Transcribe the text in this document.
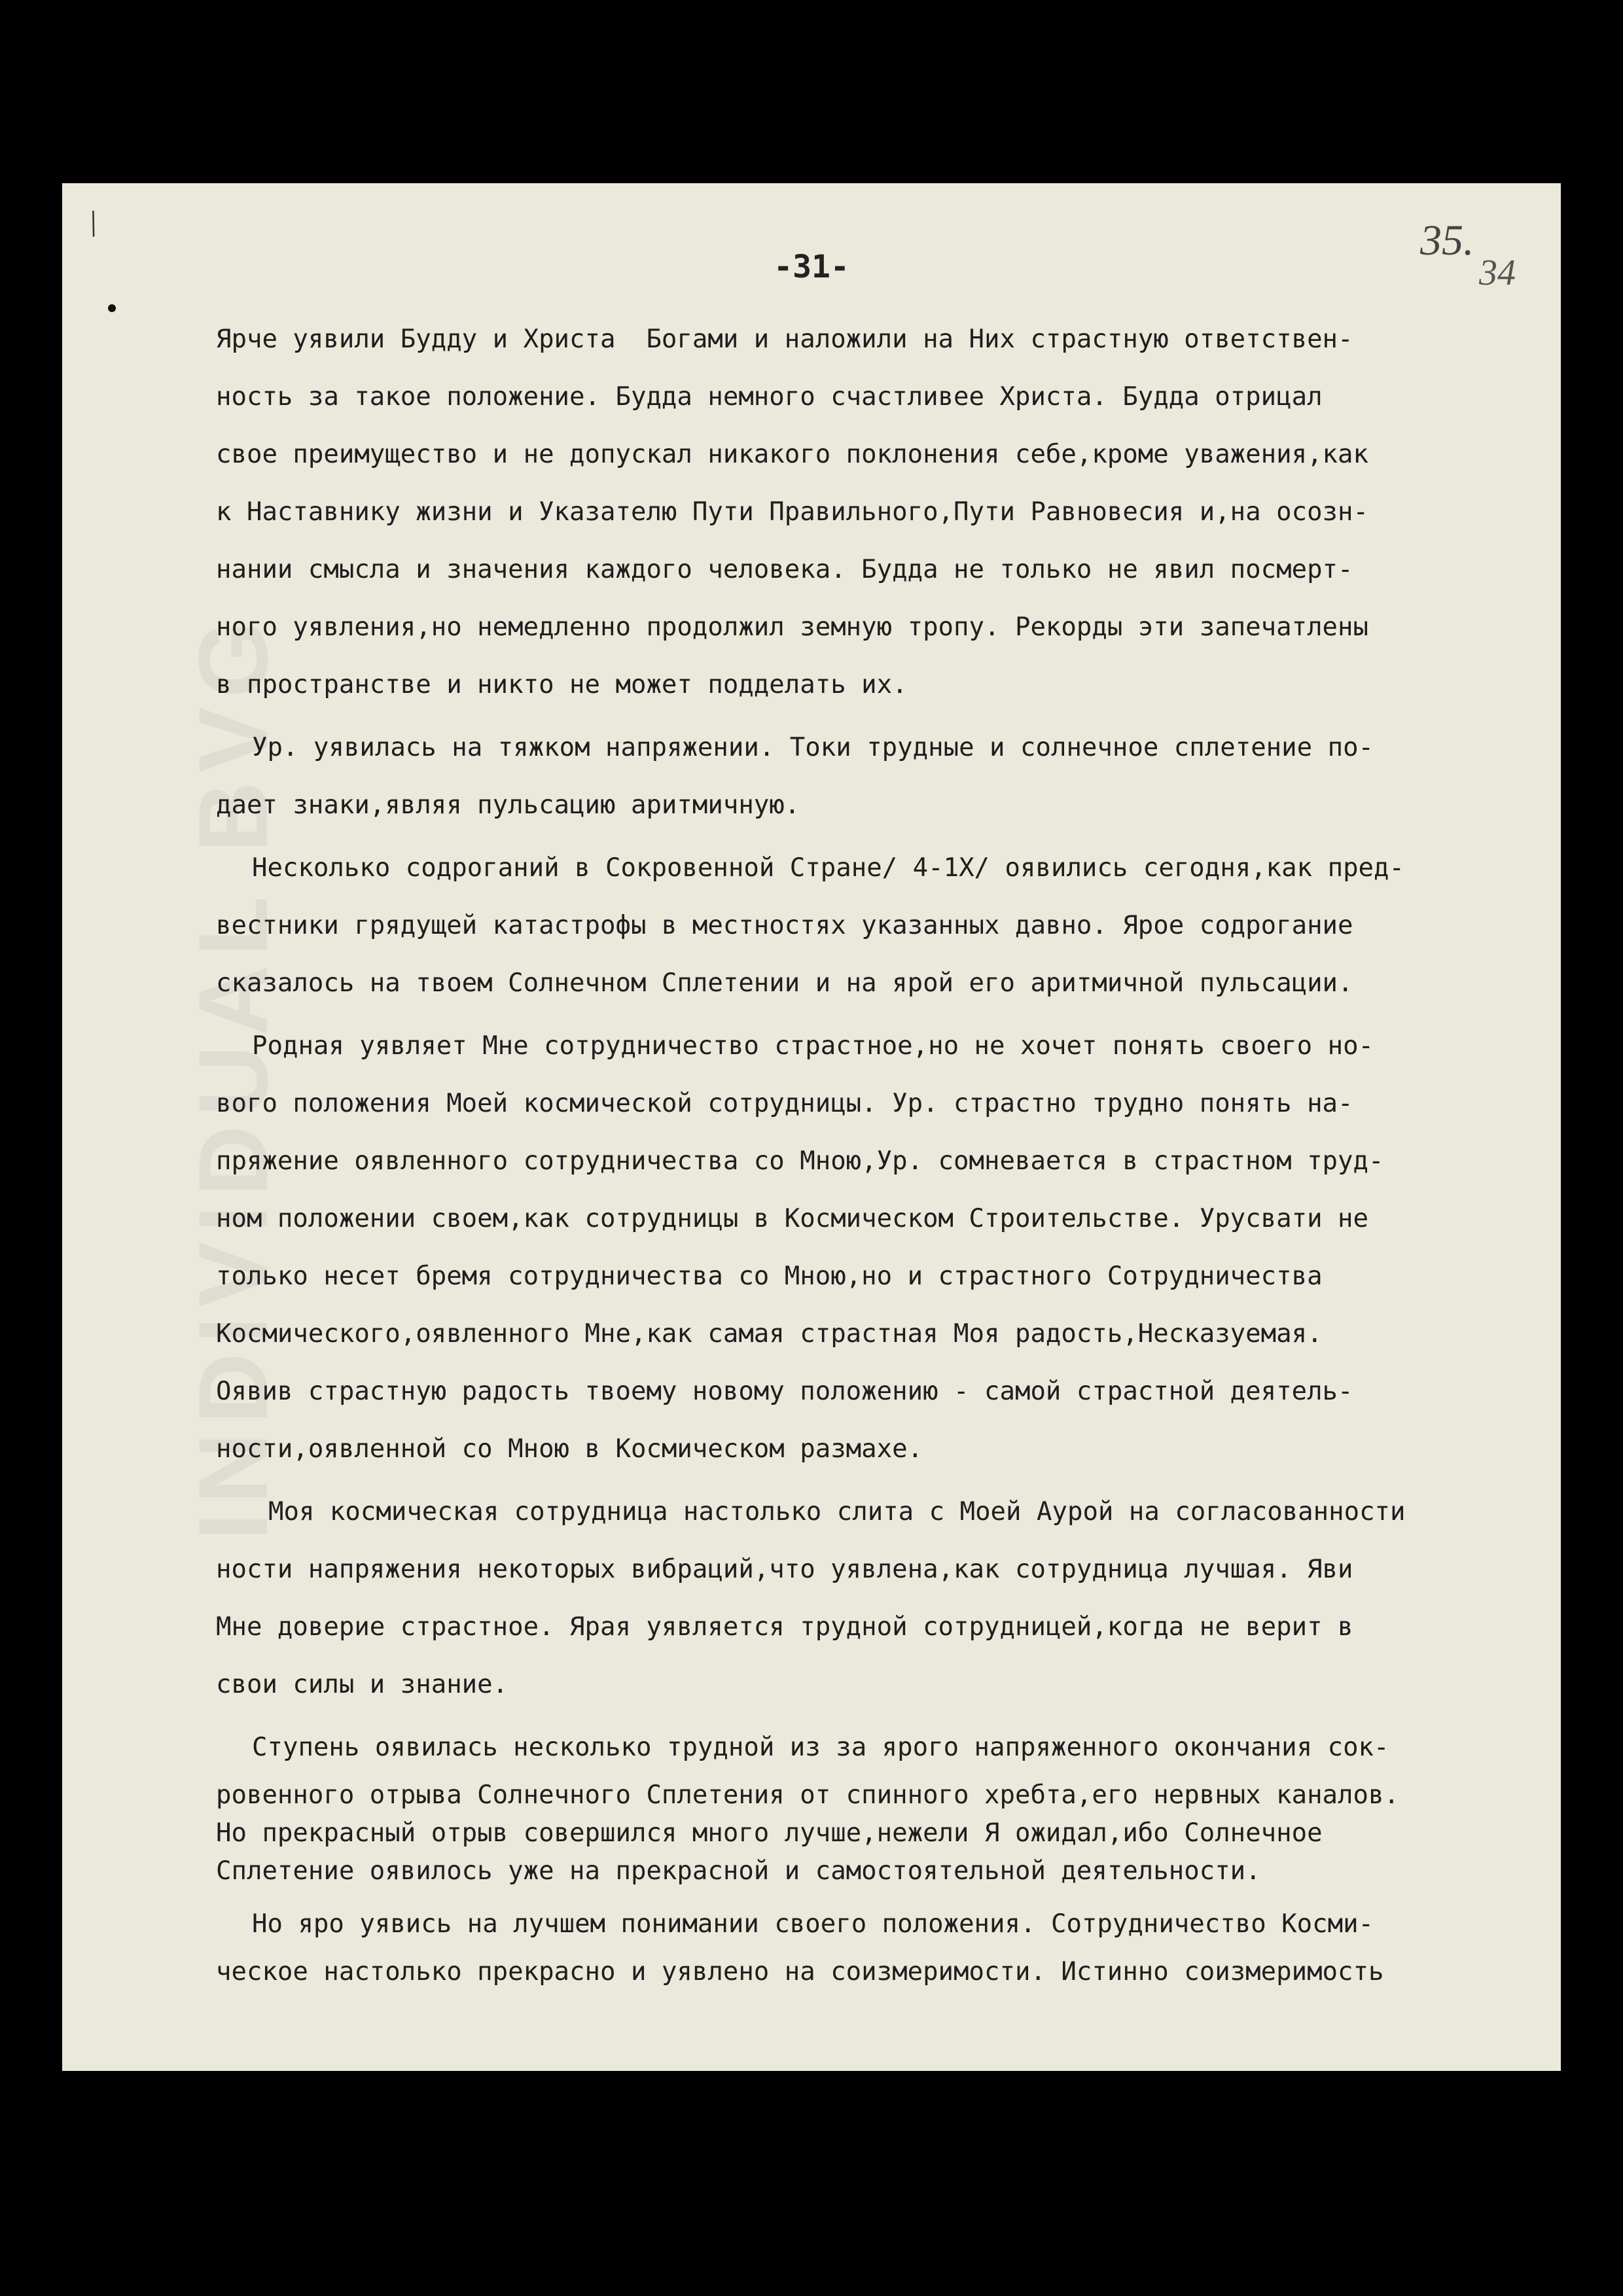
INDIVIDUAL BVG
/
-31-
35.
34
Ярче уявили Будду и Христа  Богами и наложили на Них страстную ответствен-
ность за такое положение. Будда немного счастливее Христа. Будда отрицал
свое преимущество и не допускал никакого поклонения себе,кроме уважения,как
к Наставнику жизни и Указателю Пути Правильного,Пути Равновесия и,на осозн-
нании смысла и значения каждого человека. Будда не только не явил посмерт-
ного уявления,но немедленно продолжил земную тропу. Рекорды эти запечатлены
в пространстве и никто не может подделать их.
Ур. уявилась на тяжком напряжении. Токи трудные и солнечное сплетение по-
дает знаки,являя пульсацию аритмичную.
Несколько содроганий в Сокровенной Стране/ 4-1Х/ оявились сегодня,как пред-
вестники грядущей катастрофы в местностях указанных давно. Ярое содрогание
сказалось на твоем Солнечном Сплетении и на ярой его аритмичной пульсации.
Родная уявляет Мне сотрудничество страстное,но не хочет понять своего но-
вого положения Моей космической сотрудницы. Ур. страстно трудно понять на-
пряжение оявленного сотрудничества со Мною,Ур. сомневается в страстном труд-
ном положении своем,как сотрудницы в Космическом Строительстве. Урусвати не
только несет бремя сотрудничества со Мною,но и страстного Сотрудничества
Космического,оявленного Мне,как самая страстная Моя радость,Несказуемая.
Оявив страстную радость твоему новому положению - самой страстной деятель-
ности,оявленной со Мною в Космическом размахе.
Моя космическая сотрудница настолько слита с Моей Аурой на согласованности
ности напряжения некоторых вибраций,что уявлена,как сотрудница лучшая. Яви
Мне доверие страстное. Ярая уявляется трудной сотрудницей,когда не верит в
свои силы и знание.
Ступень оявилась несколько трудной из за ярого напряженного окончания сок-
ровенного отрыва Солнечного Сплетения от спинного хребта,его нервных каналов.
Но прекрасный отрыв совершился много лучше,нежели Я ожидал,ибо Солнечное
Сплетение оявилось уже на прекрасной и самостоятельной деятельности.
Но яро уявись на лучшем понимании своего положения. Сотрудничество Косми-
ческое настолько прекрасно и уявлено на соизмеримости. Истинно соизмеримость
